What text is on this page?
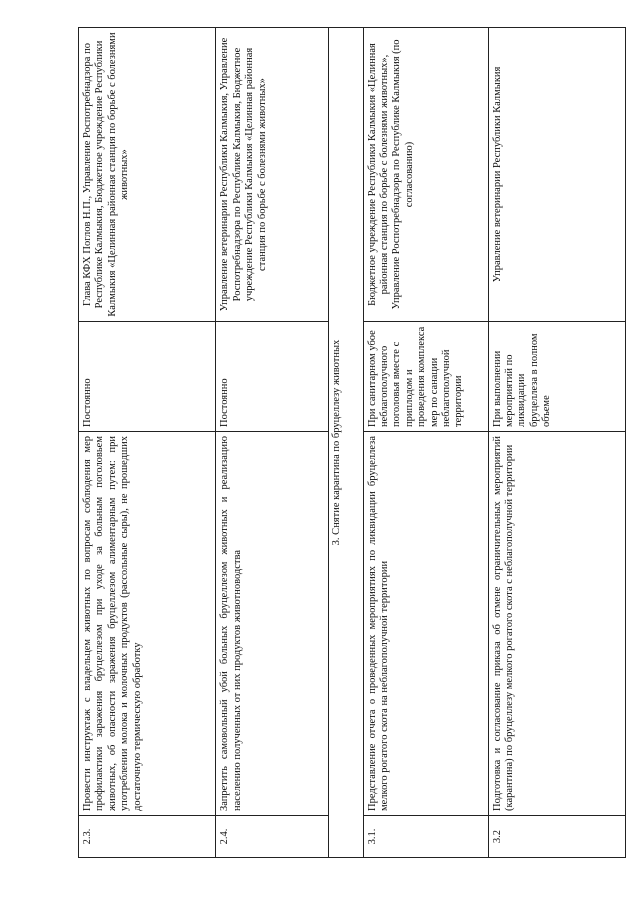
2.3.	Провести инструктаж с владельцем животных по вопросам соблюдения мер профилактики заражения бруцеллезом при уходе за больным поголовьем животных, об опасности заражения бруцеллезом алиментарным путем: при употреблении молока и молочных продуктов (рассольные сыры), не прошедших достаточную термическую обработку	Постоянно	Глава КФХ Поглов Н.П., Управление Роспотребнадзора по Республике Калмыкия, Бюджетное учреждение Республики Калмыкия «Целинная районная станция по борьбе с болезнями животных»
2.4.	Запретить самовольный убой больных бруцеллезом животных и реализацию населению полученных от них продуктов животноводства	Постоянно	Управление ветеринарии Республики Калмыкия, Управление Роспотребнадзора по Республике Калмыкия, Бюджетное учреждение Республики Калмыкия «Целинная районная станция по борьбе с болезнями животных»
3. Снятие карантина по бруцеллезу животных			
3.1.	Представление отчета о проведенных мероприятиях по ликвидации бруцеллеза мелкого рогатого скота на неблагополучной территории	При санитарном убое неблагополучного поголовья вместе с приплодом и проведения комплекса мер по санации неблагополучной территории	Бюджетное учреждение Республики Калмыкия «Целинная районная станция по борьбе с болезнями животных», Управление Роспотребнадзора по Республике Калмыкия (по согласованию)
3.2	Подготовка и согласование приказа об отмене ограничительных мероприятий (карантина) по бруцеллезу мелкого рогатого скота с неблагополучной территории	При выполнении мероприятий по ликвидации бруцеллеза в полном объеме	Управление ветеринарии Республики Калмыкия
